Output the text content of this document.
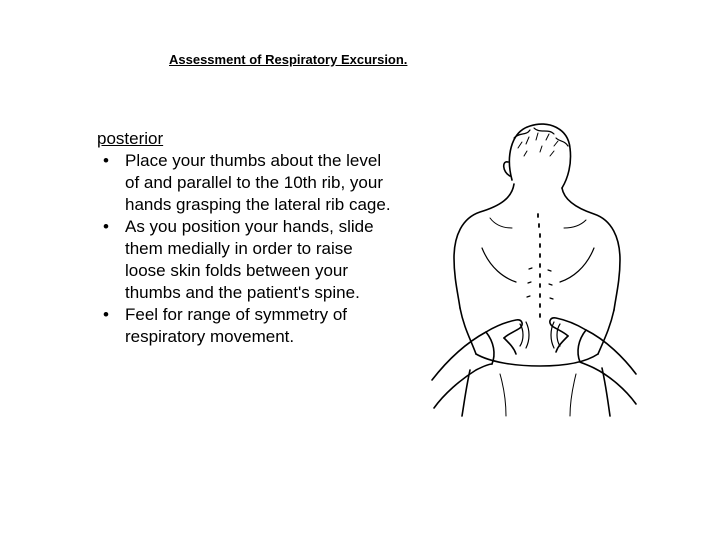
Assessment of Respiratory Excursion.

posterior

• Place your thumbs about the level of and parallel to the 10th rib, your hands grasping the lateral rib cage.
• As you position your hands, slide them medially in order to raise loose skin folds between your thumbs and the patient's spine.
• Feel for range of symmetry of respiratory movement.
